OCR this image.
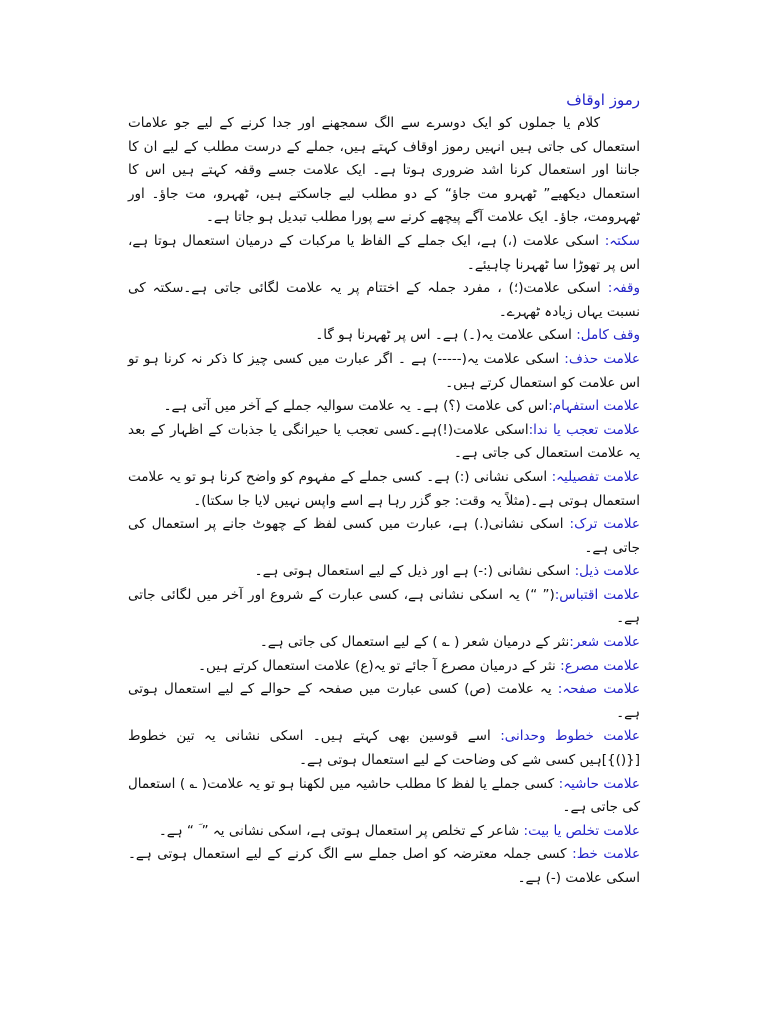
رموز اوقاف

کلام یا جملوں کو ایک دوسرے سے الگ سمجھنے اور جدا کرنے کے لیے جو علامات استعمال کی جاتی ہیں انہیں رموز اوقاف کہتے ہیں، جملے کے درست مطلب کے لیے ان کا جاننا اور استعمال کرنا اشد ضروری ہوتا ہے۔ ایک علامت جسے وقفہ کہتے ہیں اس کا استعمال دیکھیے” ٹھہرو مت جاؤ“ کے دو مطلب لیے جاسکتے ہیں، ٹھہرو، مت جاؤ۔ اور ٹھہرومت، جاؤ۔ ایک علامت آگے پیچھے کرنے سے پورا مطلب تبدیل ہو جاتا ہے۔

سکتہ: اسکی علامت (،) ہے، ایک جملے کے الفاظ یا مرکبات کے درمیان استعمال ہوتا ہے، اس پر تھوڑا سا ٹھہرنا چاہیئے۔

وقفہ: اسکی علامت(؛) ، مفرد جملہ کے اختتام پر یہ علامت لگائی جاتی ہے۔سکتہ کی نسبت یہاں زیادہ ٹھہرے۔

وقف کامل: اسکی علامت یہ(۔) ہے۔ اس پر ٹھہرنا ہو گا۔

علامت حذف: اسکی علامت یہ(-----) ہے ۔ اگر عبارت میں کسی چیز کا ذکر نہ کرنا ہو تو اس علامت کو استعمال کرتے ہیں۔

علامت استفہام:اس کی علامت (؟) ہے۔ یہ علامت سوالیہ جملے کے آخر میں آتی ہے۔

علامت تعجب یا ندا:اسکی علامت(!)ہے۔کسی تعجب یا حیرانگی یا جذبات کے اظہار کے بعد یہ علامت استعمال کی جاتی ہے۔

علامت تفصیلیہ: اسکی نشانی (:) ہے۔ کسی جملے کے مفہوم کو واضح کرنا ہو تو یہ علامت استعمال ہوتی ہے۔(مثلاً یہ وقت: جو گزر رہا ہے اسے واپس نہیں لایا جا سکتا)۔

علامت ترک: اسکی نشانی(.) ہے، عبارت میں کسی لفظ کے چھوٹ جانے پر استعمال کی جاتی ہے۔

علامت ذیل: اسکی نشانی (:-) ہے اور ذیل کے لیے استعمال ہوتی ہے۔

علامت اقتباس:(” “) یہ اسکی نشانی ہے، کسی عبارت کے شروع اور آخر میں لگائی جاتی ہے۔

علامت شعر:نثر کے درمیان شعر ( ؎ ) کے لیے استعمال کی جاتی ہے۔

علامت مصرع: نثر کے درمیان مصرع آ جائے تو یہ(ع) علامت استعمال کرتے ہیں۔

علامت صفحہ: یہ علامت (ص) کسی عبارت میں صفحہ کے حوالے کے لیے استعمال ہوتی ہے۔

علامت خطوط وحدانی: اسے قوسین بھی کہتے ہیں۔ اسکی نشانی یہ تین خطوط [{()}]ہیں کسی شے کی وضاحت کے لیے استعمال ہوتی ہے۔

علامت حاشیہ: کسی جملے یا لفظ کا مطلب حاشیہ میں لکھنا ہو تو یہ علامت( ؎ ) استعمال کی جاتی ہے۔

علامت تخلص یا بیت: شاعر کے تخلص پر استعمال ہوتی ہے، اسکی نشانی یہ ” ؔ “ ہے۔

علامت خط: کسی جملہ معترضہ کو اصل جملے سے الگ کرنے کے لیے استعمال ہوتی ہے۔ اسکی علامت (-) ہے۔
